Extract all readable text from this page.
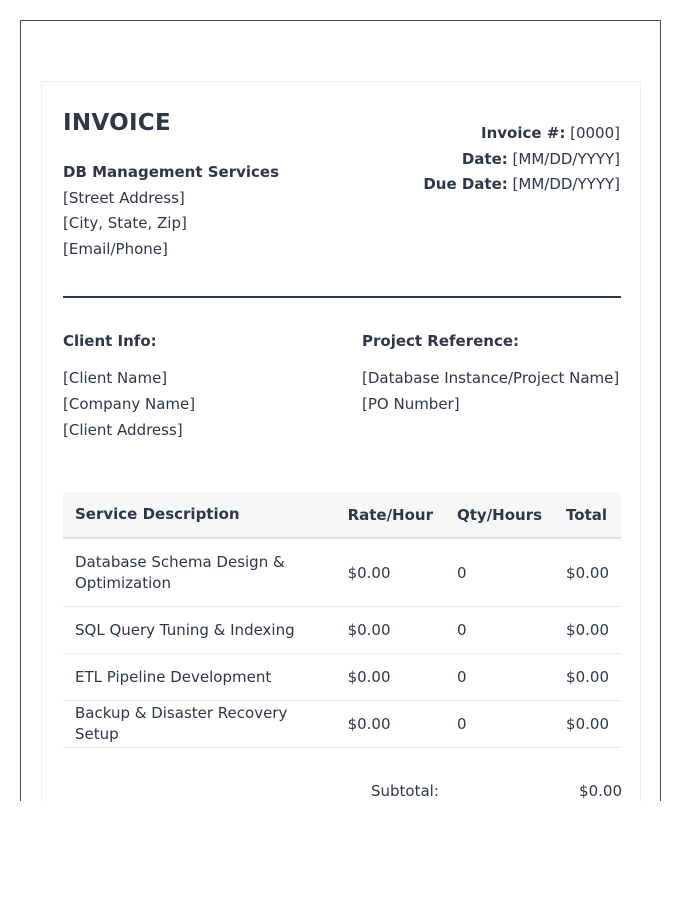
INVOICE
DB Management Services
[Street Address]
[City, State, Zip]
[Email/Phone]
Invoice #: [0000]
Date: [MM/DD/YYYY]
Due Date: [MM/DD/YYYY]
Client Info:
[Client Name]
[Company Name]
[Client Address]
Project Reference:
[Database Instance/Project Name]
[PO Number]
Service Description	Rate/Hour	Qty/Hours	Total
Database Schema Design & Optimization	$0.00	0	$0.00
SQL Query Tuning & Indexing	$0.00	0	$0.00
ETL Pipeline Development	$0.00	0	$0.00
Backup & Disaster Recovery Setup	$0.00	0	$0.00
Subtotal:	$0.00
